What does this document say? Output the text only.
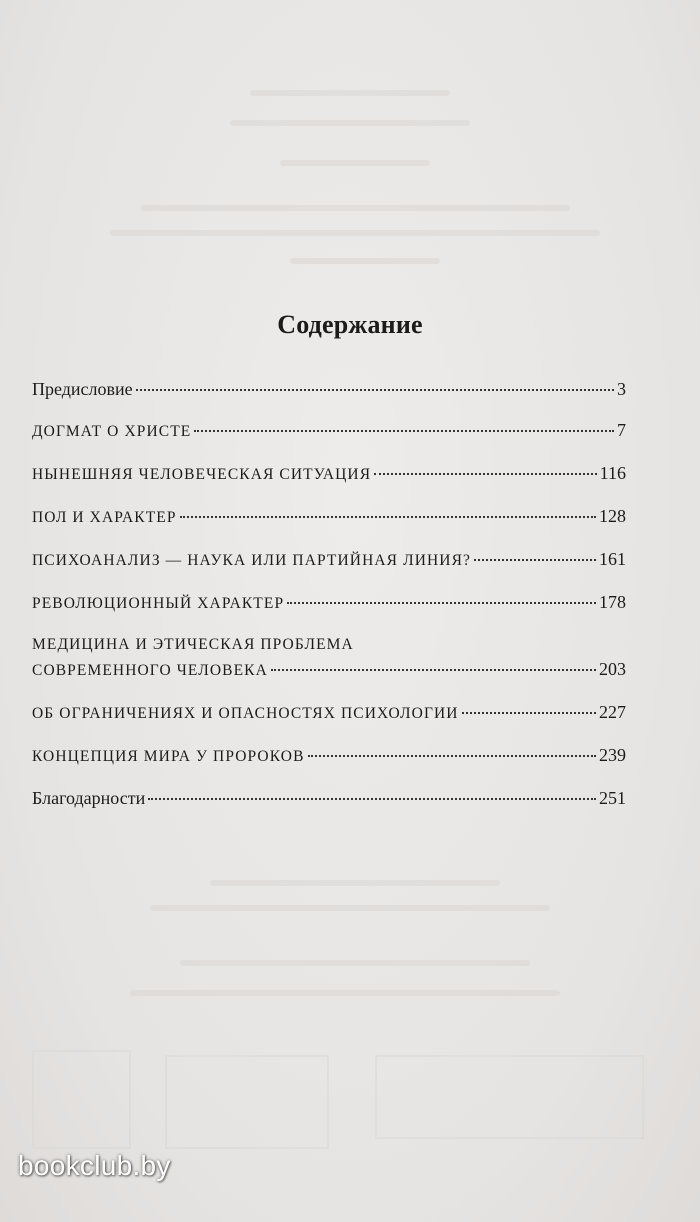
Содержание
Предисловие	3
ДОГМАТ О ХРИСТЕ	7
НЫНЕШНЯЯ ЧЕЛОВЕЧЕСКАЯ СИТУАЦИЯ	116
ПОЛ И ХАРАКТЕР	128
ПСИХОАНАЛИЗ — НАУКА ИЛИ ПАРТИЙНАЯ ЛИНИЯ?	161
РЕВОЛЮЦИОННЫЙ ХАРАКТЕР	178
МЕДИЦИНА И ЭТИЧЕСКАЯ ПРОБЛЕМА
СОВРЕМЕННОГО ЧЕЛОВЕКА	203
ОБ ОГРАНИЧЕНИЯХ И ОПАСНОСТЯХ ПСИХОЛОГИИ	227
КОНЦЕПЦИЯ МИРА У ПРОРОКОВ	239
Благодарности	251
bookclub.by
